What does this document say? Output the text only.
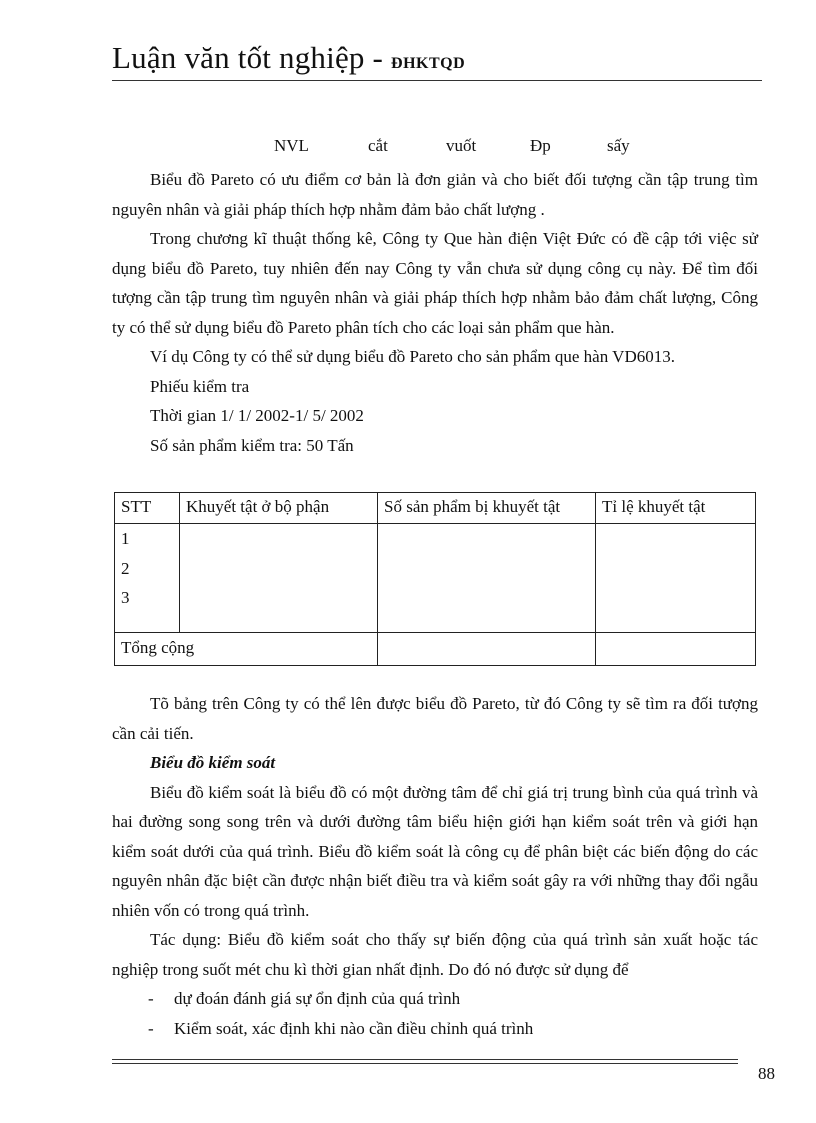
Luận văn tốt nghiệp - ĐHKTQD
NVL	cắt	vuốt	Đp	sấy

Biểu đồ Pareto có ưu điểm cơ bản là đơn giản và cho biết đối tượng cần tập trung tìm nguyên nhân và giải pháp thích hợp nhằm đảm bảo chất lượng .

Trong chương kĩ thuật thống kê, Công ty Que hàn điện Việt Đức có đề cập tới việc sử dụng biểu đồ Pareto, tuy nhiên đến nay Công ty vẫn chưa sử dụng công cụ này. Để tìm đối tượng cần tập trung tìm nguyên nhân và giải pháp thích hợp nhằm bảo đảm chất lượng, Công ty có thể sử dụng biểu đồ Pareto phân tích cho các loại sản phẩm que hàn.

Ví dụ Công ty có thể sử dụng biểu đồ Pareto cho sản phẩm que hàn VD6013.

Phiếu kiểm tra

Thời gian 1/ 1/ 2002-1/ 5/ 2002

Số sản phẩm kiểm tra: 50 Tấn

STT	Khuyết tật ở bộ phận	Số sản phẩm bị khuyết tật	Tỉ lệ khuyết tật

1
2
3			

Tổng cộng			

Tõ bảng trên Công ty có thể lên được biểu đồ Pareto, từ đó Công ty sẽ tìm ra đối tượng cần cải tiến.

Biểu đồ kiểm soát

Biểu đồ kiểm soát là biểu đồ có một đường tâm để chỉ giá trị trung bình của quá trình và hai đường song song trên và dưới đường tâm biểu hiện giới hạn kiểm soát trên và giới hạn kiểm soát dưới của quá trình. Biểu đồ kiểm soát là công cụ để phân biệt các biến động do các nguyên nhân đặc biệt cần được nhận biết điều tra và kiểm soát gây ra với những thay đổi ngẫu nhiên vốn có trong quá trình.

Tác dụng: Biểu đồ kiểm soát cho thấy sự biến động của quá trình sản xuất hoặc tác nghiệp trong suốt mét chu kì thời gian nhất định. Do đó nó được sử dụng để

- dự đoán đánh giá sự ổn định của quá trình
- Kiểm soát, xác định khi nào cần điều chỉnh quá trình
88
